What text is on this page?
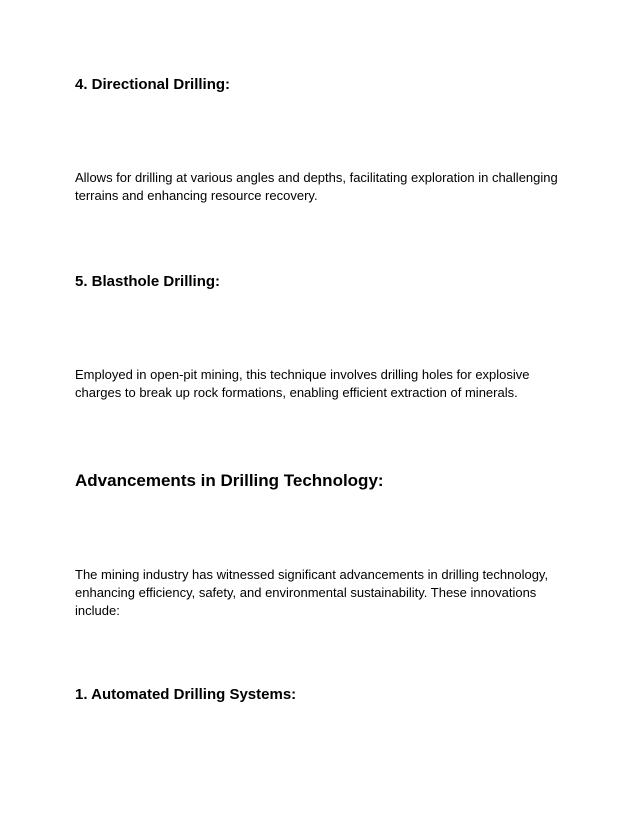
4. Directional Drilling:

Allows for drilling at various angles and depths, facilitating exploration in challenging terrains and enhancing resource recovery.

5. Blasthole Drilling:

Employed in open-pit mining, this technique involves drilling holes for explosive charges to break up rock formations, enabling efficient extraction of minerals.

Advancements in Drilling Technology:

The mining industry has witnessed significant advancements in drilling technology, enhancing efficiency, safety, and environmental sustainability. These innovations include:

1. Automated Drilling Systems:
